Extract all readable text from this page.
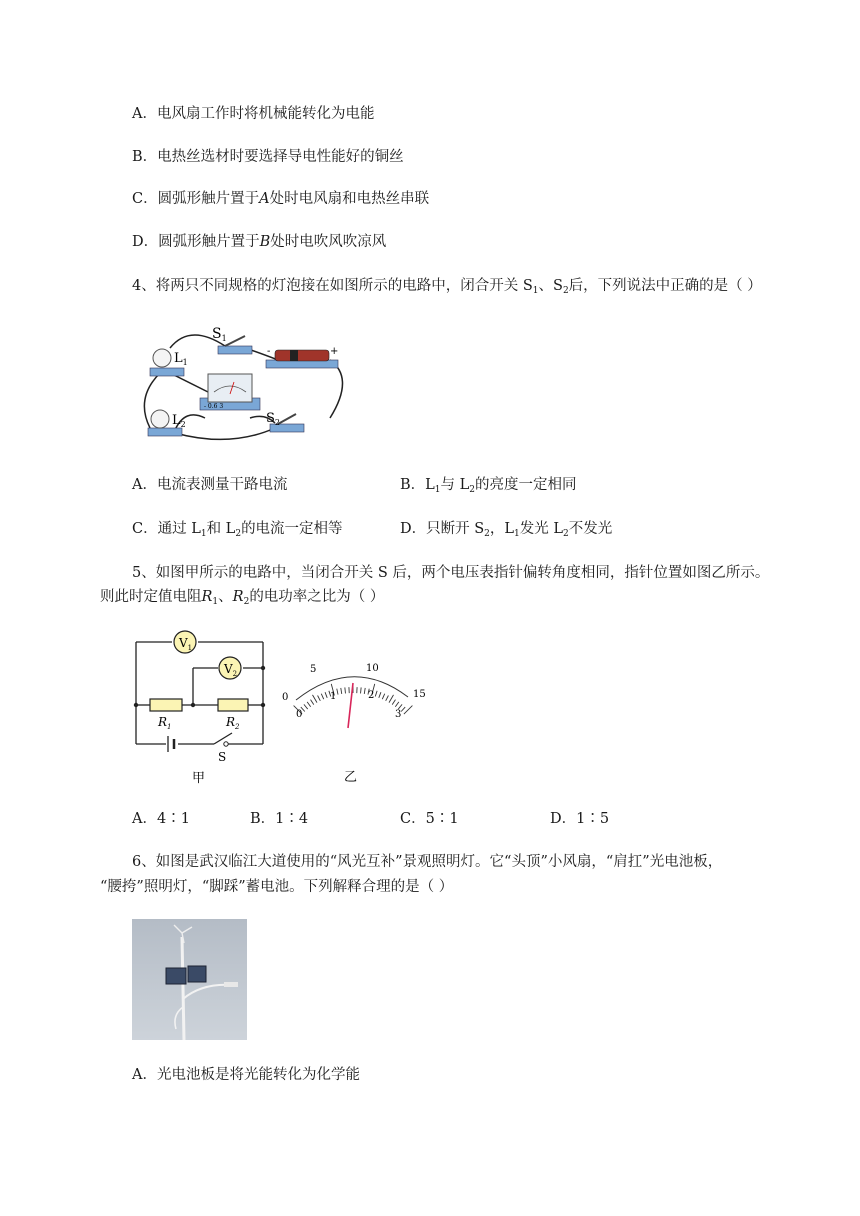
A．电风扇工作时将机械能转化为电能
B．电热丝选材时要选择导电性能好的铜丝
C．圆弧形触片置于A处时电风扇和电热丝串联
D．圆弧形触片置于B处时电吹风吹凉风
4、将两只不同规格的灯泡接在如图所示的电路中，闭合开关 $S_1$、$S_2$后，下列说法中正确的是（ ）
$S_1$
-	+
$L_1$
- 0.6 3
$L_2$	$S_2$
A．电流表测量干路电流	B．$L_1$与 $L_2$的亮度一定相同
C．通过 $L_1$和 $L_2$的电流一定相等	D．只断开 $S_2$，$L_1$发光 $L_2$不发光
5、如图甲所示的电路中，当闭合开关 S 后，两个电压表指针偏转角度相同，指针位置如图乙所示。
则此时定值电阻$R_1$、$R_2$的电功率之比为（ ）
$V_1$
$V_2$
$R_1$	$R_2$
S
甲
0
5	10
15
0
1	2
3
乙
A．4∶1	B．1∶4	C．5∶1	D．1∶5
6、如图是武汉临江大道使用的“风光互补”景观照明灯。它“头顶”小风扇，“肩扛”光电池板，
“腰挎”照明灯，“脚踩”蓄电池。下列解释合理的是（ ）
A．光电池板是将光能转化为化学能
